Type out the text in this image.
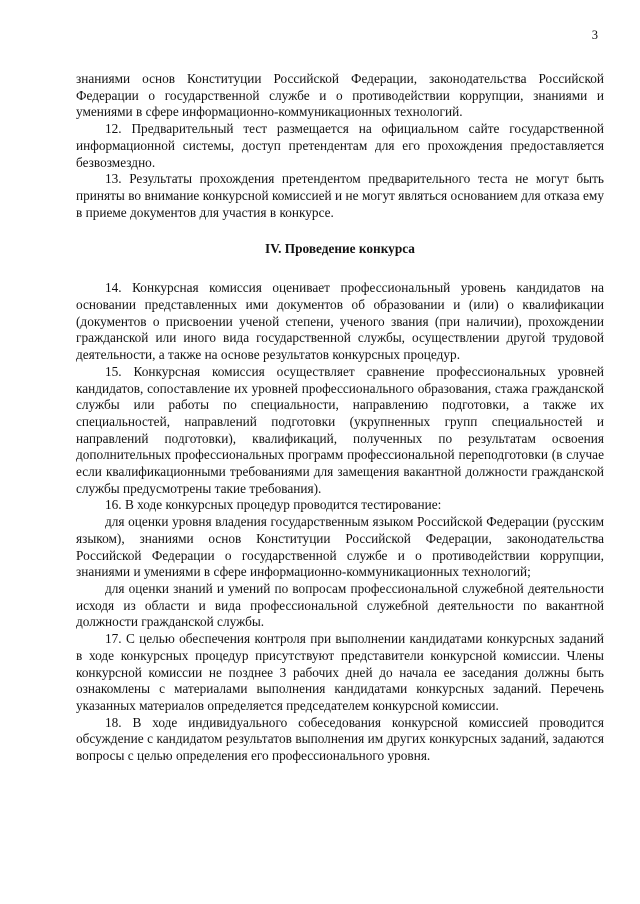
3

знаниями основ Конституции Российской Федерации, законодательства Российской Федерации о государственной службе и о противодействии коррупции, знаниями и умениями в сфере информационно-коммуникационных технологий.

12. Предварительный тест размещается на официальном сайте государственной информационной системы, доступ претендентам для его прохождения предоставляется безвозмездно.

13. Результаты прохождения претендентом предварительного теста не могут быть приняты во внимание конкурсной комиссией и не могут являться основанием для отказа ему в приеме документов для участия в конкурсе.

IV. Проведение конкурса

14. Конкурсная комиссия оценивает профессиональный уровень кандидатов на основании представленных ими документов об образовании и (или) о квалификации (документов о присвоении ученой степени, ученого звания (при наличии), прохождении гражданской или иного вида государственной службы, осуществлении другой трудовой деятельности, а также на основе результатов конкурсных процедур.

15. Конкурсная комиссия осуществляет сравнение профессиональных уровней кандидатов, сопоставление их уровней профессионального образования, стажа гражданской службы или работы по специальности, направлению подготовки, а также их специальностей, направлений подготовки (укрупненных групп специальностей и направлений подготовки), квалификаций, полученных по результатам освоения дополнительных профессиональных программ профессиональной переподготовки (в случае если квалификационными требованиями для замещения вакантной должности гражданской службы предусмотрены такие требования).

16. В ходе конкурсных процедур проводится тестирование:

для оценки уровня владения государственным языком Российской Федерации (русским языком), знаниями основ Конституции Российской Федерации, законодательства Российской Федерации о государственной службе и о противодействии коррупции, знаниями и умениями в сфере информационно-коммуникационных технологий;

для оценки знаний и умений по вопросам профессиональной служебной деятельности исходя из области и вида профессиональной служебной деятельности по вакантной должности гражданской службы.

17. С целью обеспечения контроля при выполнении кандидатами конкурсных заданий в ходе конкурсных процедур присутствуют представители конкурсной комиссии. Члены конкурсной комиссии не позднее 3 рабочих дней до начала ее заседания должны быть ознакомлены с материалами выполнения кандидатами конкурсных заданий. Перечень указанных материалов определяется председателем конкурсной комиссии.

18. В ходе индивидуального собеседования конкурсной комиссией проводится обсуждение с кандидатом результатов выполнения им других конкурсных заданий, задаются вопросы с целью определения его профессионального уровня.
